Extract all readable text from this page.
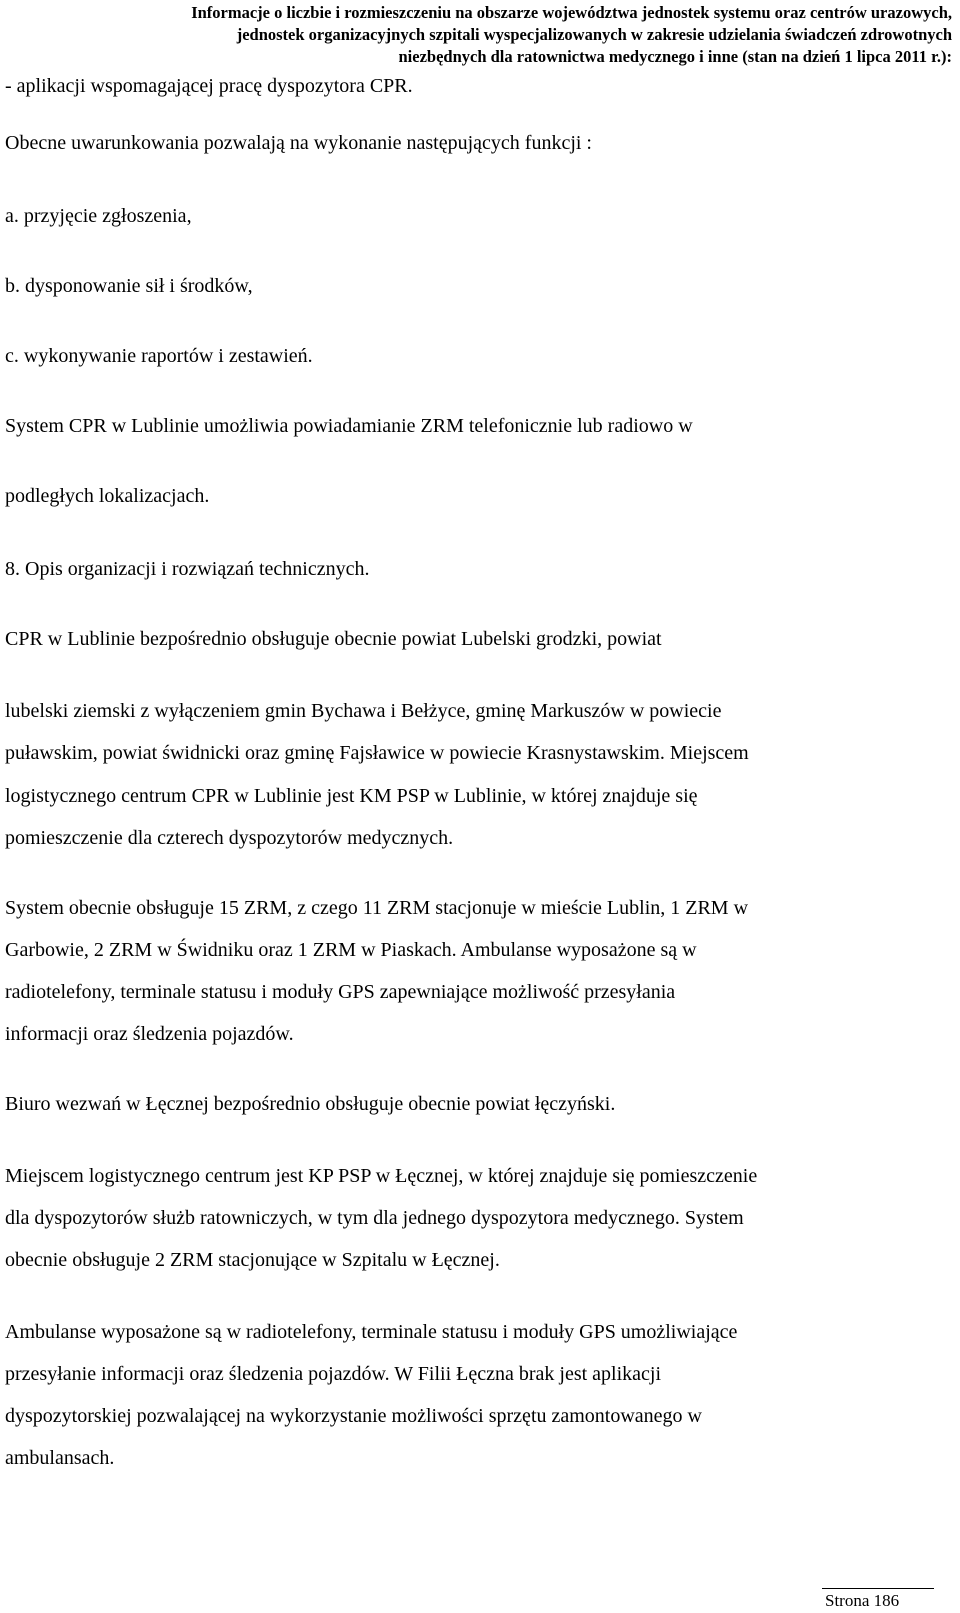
Informacje o liczbie i rozmieszczeniu na obszarze województwa jednostek systemu oraz centrów urazowych,
jednostek organizacyjnych szpitali wyspecjalizowanych w zakresie udzielania świadczeń zdrowotnych
niezbędnych dla ratownictwa medycznego i inne (stan na dzień 1 lipca 2011 r.):
- aplikacji wspomagającej pracę dyspozytora CPR.
Obecne uwarunkowania pozwalają na wykonanie następujących funkcji :
a. przyjęcie zgłoszenia,
b. dysponowanie sił i środków,
c. wykonywanie raportów i zestawień.
System CPR w Lublinie umożliwia powiadamianie ZRM telefonicznie lub radiowo w
podległych lokalizacjach.
8. Opis organizacji i rozwiązań technicznych.
CPR w Lublinie bezpośrednio obsługuje obecnie powiat Lubelski grodzki, powiat
lubelski ziemski z wyłączeniem gmin Bychawa i Bełżyce, gminę Markuszów w powiecie
puławskim, powiat świdnicki oraz gminę Fajsławice w powiecie Krasnystawskim. Miejscem
logistycznego centrum CPR w Lublinie jest KM PSP w Lublinie, w której znajduje się
pomieszczenie dla czterech dyspozytorów medycznych.
System obecnie obsługuje 15 ZRM, z czego 11 ZRM stacjonuje w mieście Lublin, 1 ZRM w
Garbowie, 2 ZRM w Świdniku oraz 1 ZRM w Piaskach. Ambulanse wyposażone są w
radiotelefony, terminale statusu i moduły GPS zapewniające możliwość przesyłania
informacji oraz śledzenia pojazdów.
Biuro wezwań w Łęcznej bezpośrednio obsługuje obecnie powiat łęczyński.
Miejscem logistycznego centrum jest KP PSP w Łęcznej, w której znajduje się pomieszczenie
dla dyspozytorów służb ratowniczych, w tym dla jednego dyspozytora medycznego. System
obecnie obsługuje 2 ZRM stacjonujące w Szpitalu w Łęcznej.
Ambulanse wyposażone są w radiotelefony, terminale statusu i moduły GPS umożliwiające
przesyłanie informacji oraz śledzenia pojazdów. W Filii Łęczna brak jest aplikacji
dyspozytorskiej pozwalającej na wykorzystanie możliwości sprzętu zamontowanego w
ambulansach.
Strona 186
